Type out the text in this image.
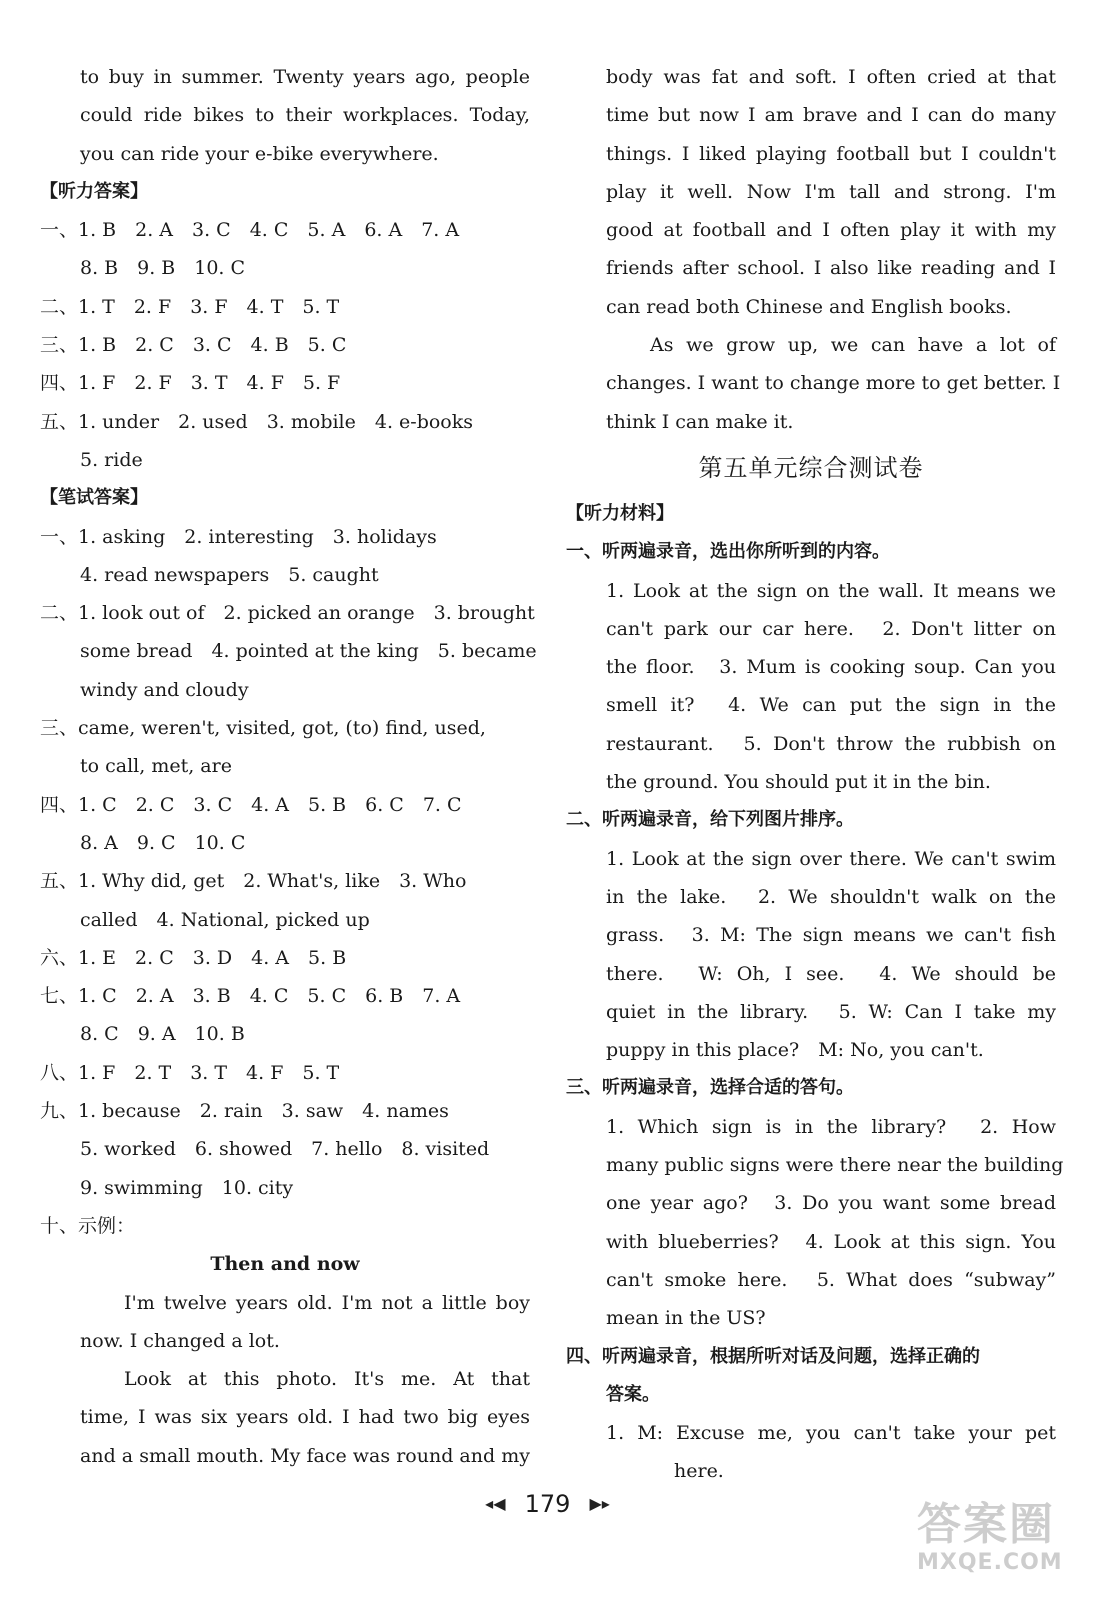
to buy in summer. Twenty years ago, people
could ride bikes to their workplaces. Today,
you can ride your e-bike everywhere.
【听力答案】
一、1. B　2. A　3. C　4. C　5. A　6. A　7. A
8. B　9. B　10. C
二、1. T　2. F　3. F　4. T　5. T
三、1. B　2. C　3. C　4. B　5. C
四、1. F　2. F　3. T　4. F　5. F
五、1. under　2. used　3. mobile　4. e-books
5. ride
【笔试答案】
一、1. asking　2. interesting　3. holidays
4. read newspapers　5. caught
二、1. look out of　2. picked an orange　3. brought
some bread　4. pointed at the king　5. became
windy and cloudy
三、came, weren't, visited, got, (to) find, used,
to call, met, are
四、1. C　2. C　3. C　4. A　5. B　6. C　7. C
8. A　9. C　10. C
五、1. Why did, get　2. What's, like　3. Who
called　4. National, picked up
六、1. E　2. C　3. D　4. A　5. B
七、1. C　2. A　3. B　4. C　5. C　6. B　7. A
8. C　9. A　10. B
八、1. F　2. T　3. T　4. F　5. T
九、1. because　2. rain　3. saw　4. names
5. worked　6. showed　7. hello　8. visited
9. swimming　10. city
十、示例：
Then and now
I'm twelve years old. I'm not a little boy
now. I changed a lot.
Look at this photo. It's me. At that
time, I was six years old. I had two big eyes
and a small mouth. My face was round and my
body was fat and soft. I often cried at that
time but now I am brave and I can do many
things. I liked playing football but I couldn't
play it well. Now I'm tall and strong. I'm
good at football and I often play it with my
friends after school. I also like reading and I
can read both Chinese and English books.
As we grow up, we can have a lot of
changes. I want to change more to get better. I
think I can make it.
第五单元综合测试卷
【听力材料】
一、听两遍录音，选出你所听到的内容。
1. Look at the sign on the wall. It means we
can't park our car here.　2. Don't litter on
the floor.　3. Mum is cooking soup. Can you
smell it?　4. We can put the sign in the
restaurant.　5. Don't throw the rubbish on
the ground. You should put it in the bin.
二、听两遍录音，给下列图片排序。
1. Look at the sign over there. We can't swim
in the lake.　2. We shouldn't walk on the
grass.　3. M: The sign means we can't fish
there.　W: Oh, I see.　4. We should be
quiet in the library.　5. W: Can I take my
puppy in this place?　M: No, you can't.
三、听两遍录音，选择合适的答句。
1. Which sign is in the library?　2. How
many public signs were there near the building
one year ago?　3. Do you want some bread
with blueberries?　4. Look at this sign. You
can't smoke here.　5. What does “subway”
mean in the US?
四、听两遍录音，根据所听对话及问题，选择正确的
答案。
1. M: Excuse me, you can't take your pet
here.
◂◀ 179 ▶▸	答案圈
MXQE.COM
